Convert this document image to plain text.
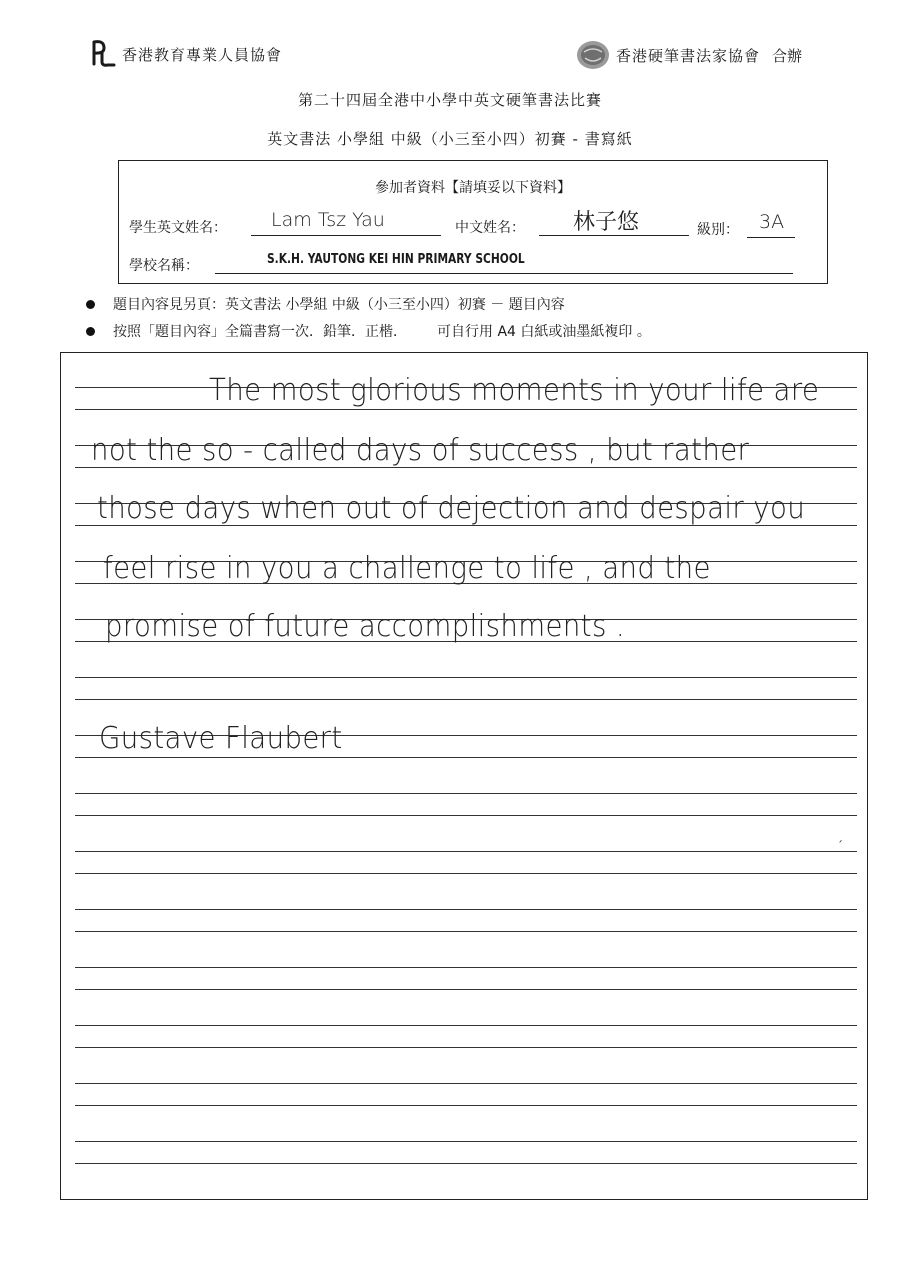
香港教育專業人員協會	香港硬筆書法家協會 合辦
第二十四屆全港中小學中英文硬筆書法比賽
英文書法 小學組 中級（小三至小四）初賽 - 書寫紙
參加者資料【請填妥以下資料】
學生英文姓名： Lam Tsz Yau	中文姓名： 林子悠	級別： 3A
學校名稱：	S.K.H. YAUTONG KEI HIN PRIMARY SCHOOL
題目內容見另頁：英文書法 小學組 中級（小三至小四）初賽 － 題目內容
按照「題目內容」全篇書寫一次．鉛筆．正楷． 可自行用 A4 白紙或油墨紙複印 。
The most glorious moments in your life are
not the so - called days of success , but rather
those days when out of dejection and despair you
feel rise in you a challenge to life , and the
promise of future accomplishments .
Gustave Flaubert
´
